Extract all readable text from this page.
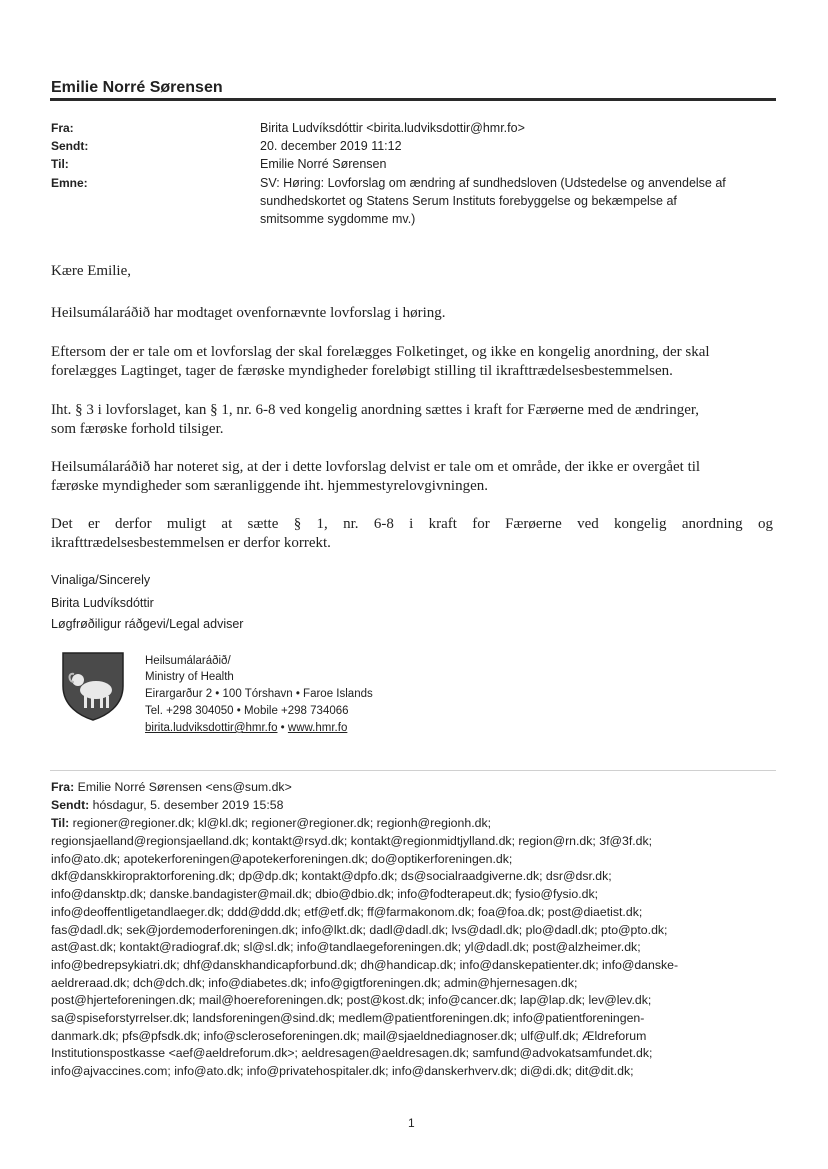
Emilie Norré Sørensen
Fra:	Birita Ludvíksdóttir <birita.ludviksdottir@hmr.fo>
Sendt:	20. december 2019 11:12
Til:	Emilie Norré Sørensen
Emne:	SV: Høring: Lovforslag om ændring af sundhedsloven (Udstedelse og anvendelse af
sundhedskortet og Statens Serum Instituts forebyggelse og bekæmpelse af
smitsomme sygdomme mv.)
Kære Emilie,
Heilsumálaráðið har modtaget ovenfornævnte lovforslag i høring.
Eftersom der er tale om et lovforslag der skal forelægges Folketinget, og ikke en kongelig anordning, der skal
forelægges Lagtinget, tager de færøske myndigheder foreløbigt stilling til ikrafttrædelsesbestemmelsen.
Iht. § 3 i lovforslaget, kan § 1, nr. 6-8 ved kongelig anordning sættes i kraft for Færøerne med de ændringer,
som færøske forhold tilsiger.
Heilsumálaráðið har noteret sig, at der i dette lovforslag delvist er tale om et område, der ikke er overgået til
færøske myndigheder som særanliggende iht. hjemmestyrelovgivningen.
Det er derfor muligt at sætte § 1, nr. 6-8 i kraft for Færøerne ved kongelig anordning og
ikrafttrædelsesbestemmelsen er derfor korrekt.
Vinaliga/Sincerely
Birita Ludvíksdóttir
Løgfrøðiligur ráðgevi/Legal adviser
Heilsumálaráðið/
Ministry of Health
Eirargarður 2 • 100 Tórshavn • Faroe Islands
Tel. +298 304050 • Mobile +298 734066
birita.ludviksdottir@hmr.fo • www.hmr.fo
Fra: Emilie Norré Sørensen <ens@sum.dk>
Sendt: hósdagur, 5. desember 2019 15:58
Til: regioner@regioner.dk; kl@kl.dk; regioner@regioner.dk; regionh@regionh.dk;
regionsjaelland@regionsjaelland.dk; kontakt@rsyd.dk; kontakt@regionmidtjylland.dk; region@rn.dk; 3f@3f.dk;
info@ato.dk; apotekerforeningen@apotekerforeningen.dk; do@optikerforeningen.dk;
dkf@danskkiropraktorforening.dk; dp@dp.dk; kontakt@dpfo.dk; ds@socialraadgiverne.dk; dsr@dsr.dk;
info@dansktp.dk; danske.bandagister@mail.dk; dbio@dbio.dk; info@fodterapeut.dk; fysio@fysio.dk;
info@deoffentligetandlaeger.dk; ddd@ddd.dk; etf@etf.dk; ff@farmakonom.dk; foa@foa.dk; post@diaetist.dk;
fas@dadl.dk; sek@jordemoderforeningen.dk; info@lkt.dk; dadl@dadl.dk; lvs@dadl.dk; plo@dadl.dk; pto@pto.dk;
ast@ast.dk; kontakt@radiograf.dk; sl@sl.dk; info@tandlaegeforeningen.dk; yl@dadl.dk; post@alzheimer.dk;
info@bedrepsykiatri.dk; dhf@danskhandicapforbund.dk; dh@handicap.dk; info@danskepatienter.dk; info@danske-
aeldreraad.dk; dch@dch.dk; info@diabetes.dk; info@gigtforeningen.dk; admin@hjernesagen.dk;
post@hjerteforeningen.dk; mail@hoereforeningen.dk; post@kost.dk; info@cancer.dk; lap@lap.dk; lev@lev.dk;
sa@spiseforstyrrelser.dk; landsforeningen@sind.dk; medlem@patientforeningen.dk; info@patientforeningen-
danmark.dk; pfs@pfsdk.dk; info@scleroseforeningen.dk; mail@sjaeldnediagnoser.dk; ulf@ulf.dk; Ældreforum
Institutionspostkasse <aef@aeldreforum.dk>; aeldresagen@aeldresagen.dk; samfund@advokatsamfundet.dk;
info@ajvaccines.com; info@ato.dk; info@privatehospitaler.dk; info@danskerhverv.dk; di@di.dk; dit@dit.dk;
1
